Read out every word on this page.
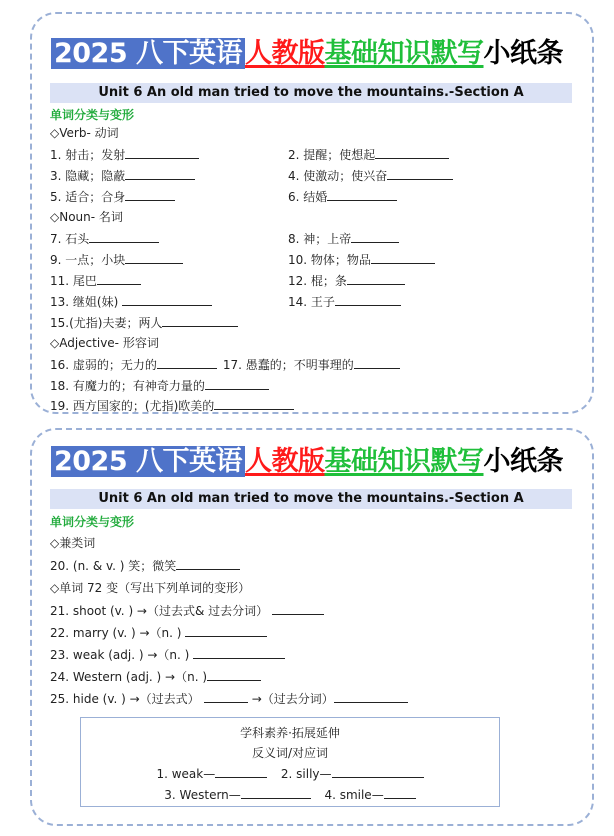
2025 八下英语 人教版基础知识默写小纸条
Unit 6 An old man tried to move the mountains.-Section A
单词分类与变形
◇Verb- 动词
1. 射击；发射	2. 提醒；使想起
3. 隐藏；隐蔽	4. 使激动；使兴奋
5. 适合；合身	6. 结婚
◇Noun- 名词
7. 石头	8. 神；上帝
9. 一点；小块	10. 物体；物品
11. 尾巴	12. 棍；条
13. 继姐(妹)	14. 王子
15.(尤指)夫妻；两人
◇Adjective- 形容词
16. 虚弱的；无力的	17. 愚蠢的；不明事理的
18. 有魔力的；有神奇力量的
19. 西方国家的；(尤指)欧美的
2025 八下英语 人教版基础知识默写小纸条
Unit 6 An old man tried to move the mountains.-Section A
单词分类与变形
◇兼类词
20. (n. & v. ) 笑；微笑
◇单词 72 变（写出下列单词的变形）
21. shoot (v. ) →（过去式& 过去分词）
22. marry (v. ) →（n. )
23. weak (adj. ) →（n. )
24. Western (adj. ) →（n. )
25. hide (v. ) →（过去式）	→（过去分词）
学科素养·拓展延伸
反义词/对应词
1. weak—	2. silly—
3. Western—	4. smile—
